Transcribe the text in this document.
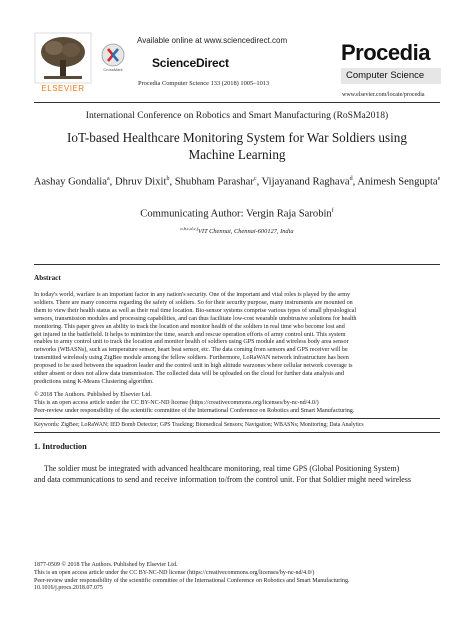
ELSEVIER
Available online at www.sciencedirect.com
CrossMark	ScienceDirect
Procedia Computer Science 133 (2018) 1005–1013
Procedia
Computer Science
www.elsevier.com/locate/procedia
International Conference on Robotics and Smart Manufacturing (RoSMa2018)
IoT-based Healthcare Monitoring System for War Soldiers using
Machine Learning
Aashay Gondalia$^a$, Dhruv Dixit$^b$, Shubham Parashar$^c$, Vijayanand Raghava$^d$, Animesh Sengupta$^e$
Communicating Author: Vergin Raja Sarobin$^f$
$^{a,b,c,d,e,f}$VIT Chennai, Chennai-600127, India
Abstract

In today's world, warfare is an important factor in any nation's security. One of the important and vital roles is played by the army

soldiers. There are many concerns regarding the safety of soldiers. So for their security purpose, many instruments are mounted on

them to view their health status as well as their real time location. Bio-sensor systems comprise various types of small physiological

sensors, transmission modules and processing capabilities, and can thus facilitate low-cost wearable unobtrusive solutions for health

monitoring. This paper gives an ability to track the location and monitor health of the soldiers in real time who become lost and

get injured in the battlefield. It helps to minimize the time, search and rescue operation efforts of army control unit. This system

enables to army control unit to track the location and monitor health of soldiers using GPS module and wireless body area sensor

networks (WBASNs), such as temperature sensor, heart beat sensor, etc. The data coming from sensors and GPS receiver will be

transmitted wirelessly using ZigBee module among the fellow soldiers. Furthermore, LoRaWAN network infrastructure has been

proposed to be used between the squadron leader and the control unit in high altitude warzones where cellular network coverage is

either absent or does not allow data transmission. The collected data will be uploaded on the cloud for further data analysis and

predictions using K-Means Clustering algorithm.

© 2018 The Authors. Published by Elsevier Ltd.

This is an open access article under the CC BY-NC-ND license (https://creativecommons.org/licenses/by-nc-nd/4.0/)

Peer-review under responsibility of the scientific committee of the International Conference on Robotics and Smart Manufacturing.

Keywords: ZigBee; LoRaWAN; IED Bomb Detector; GPS Tracking; Biomedical Sensors; Navigation; WBASNs; Monitoring; Data Analytics
1. Introduction
The soldier must be integrated with advanced healthcare monitoring, real time GPS (Global Positioning System)
and data communications to send and receive information to/from the control unit. For that Soldier might need wireless
1877-0509 © 2018 The Authors. Published by Elsevier Ltd.
This is an open access article under the CC BY-NC-ND license (https://creativecommons.org/licenses/by-nc-nd/4.0/)
Peer-review under responsibility of the scientific committee of the International Conference on Robotics and Smart Manufacturing.
10.1016/j.procs.2018.07.075
